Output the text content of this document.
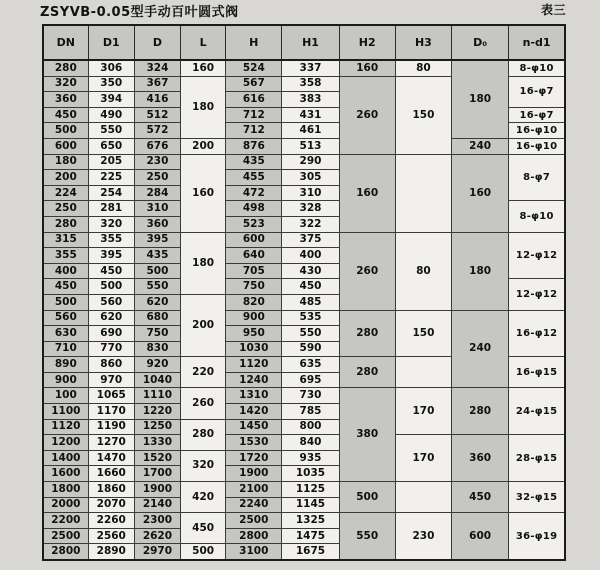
ZSYVB-0.05型手动百叶圆式阀	表三
DN	D1	D	L	H	H1	H2	H3	D₀	n-d1
280	306	324	160	524	337	160	80	180	8-φ10
320	350	367	180	567	358	260	150		16-φ7
360	394	416		616	383				
450	490	512		712	431				16-φ7
500	550	572		712	461				16-φ10
600	650	676	200	876	513			240	16-φ10
180	205	230	160	435	290	160		160	8-φ7
200	225	250		455	305				
224	254	284		472	310				
250	281	310		498	328				8-φ10
280	320	360		523	322				
315	355	395	180	600	375	260	80	180	12-φ12
355	395	435		640	400				
400	450	500		705	430				
450	500	550		750	450				12-φ12
500	560	620	200	820	485				
560	620	680		900	535	280	150	240	16-φ12
630	690	750		950	550				
710	770	830		1030	590				
890	860	920	220	1120	635	280			16-φ15
900	970	1040		1240	695				
100	1065	1110	260	1310	730	380	170	280	24-φ15
1100	1170	1220		1420	785				
1120	1190	1250	280	1450	800				
1200	1270	1330		1530	840		170	360	28-φ15
1400	1470	1520	320	1720	935				
1600	1660	1700		1900	1035				
1800	1860	1900	420	2100	1125	500		450	32-φ15
2000	2070	2140		2240	1145				
2200	2260	2300	450	2500	1325	550	230	600	36-φ19
2500	2560	2620		2800	1475				
2800	2890	2970	500	3100	1675				
